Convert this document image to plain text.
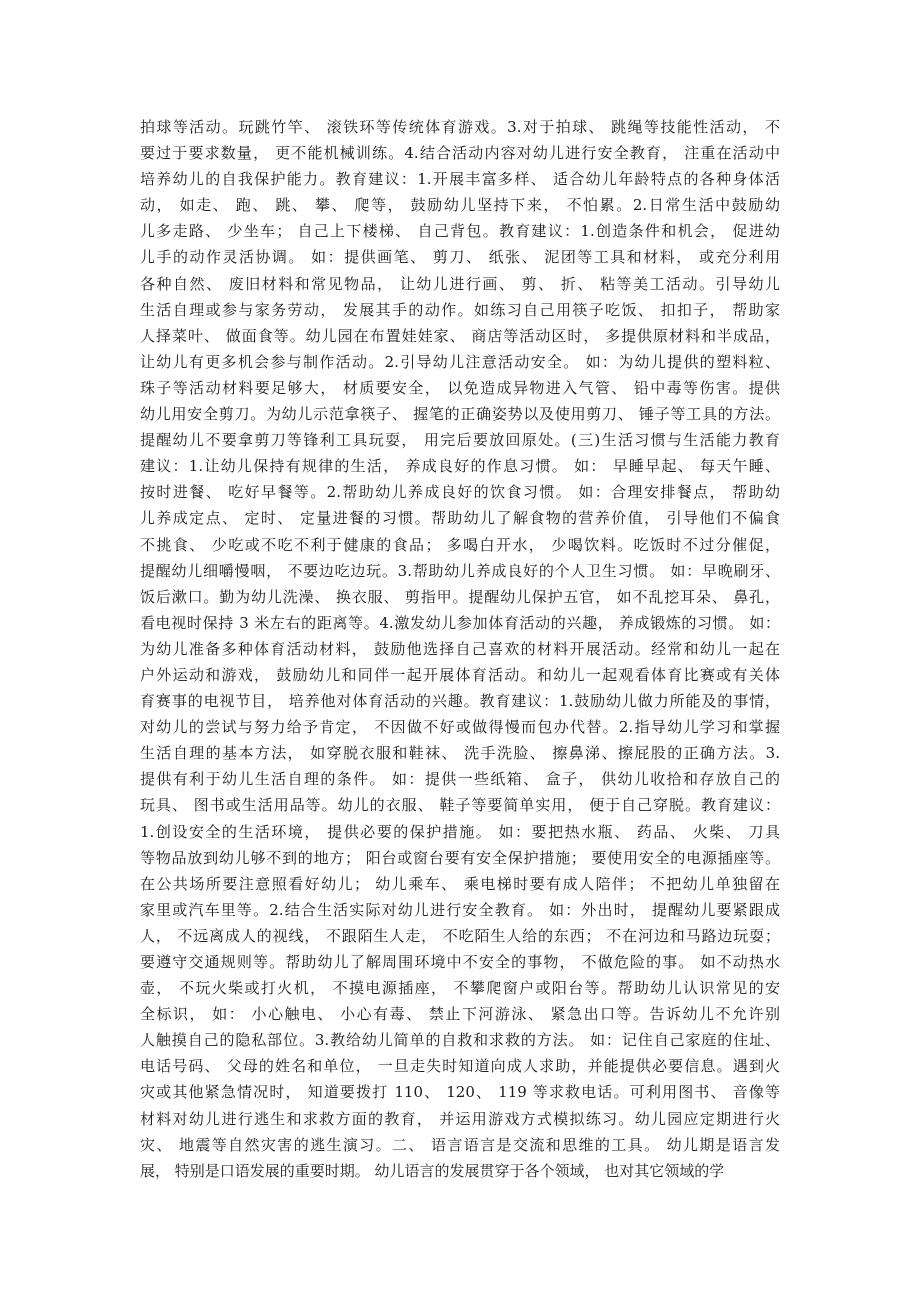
拍球等活动。玩跳竹竿、 滚铁环等传统体育游戏。3.对于拍球、 跳绳等技能性活动， 不
要过于要求数量， 更不能机械训练。4.结合活动内容对幼儿进行安全教育， 注重在活动中
培养幼儿的自我保护能力。教育建议：1.开展丰富多样、 适合幼儿年龄特点的各种身体活
动， 如走、 跑、 跳、 攀、 爬等， 鼓励幼儿坚持下来， 不怕累。2.日常生活中鼓励幼
儿多走路、 少坐车； 自己上下楼梯、 自己背包。教育建议：1.创造条件和机会， 促进幼
儿手的动作灵活协调。 如：提供画笔、 剪刀、 纸张、 泥团等工具和材料， 或充分利用
各种自然、 废旧材料和常见物品， 让幼儿进行画、 剪、 折、 粘等美工活动。引导幼儿
生活自理或参与家务劳动， 发展其手的动作。如练习自己用筷子吃饭、 扣扣子， 帮助家
人择菜叶、 做面食等。幼儿园在布置娃娃家、 商店等活动区时， 多提供原材料和半成品，
让幼儿有更多机会参与制作活动。2.引导幼儿注意活动安全。 如：为幼儿提供的塑料粒、
珠子等活动材料要足够大， 材质要安全， 以免造成异物进入气管、 铅中毒等伤害。提供
幼儿用安全剪刀。为幼儿示范拿筷子、 握笔的正确姿势以及使用剪刀、 锤子等工具的方法。
提醒幼儿不要拿剪刀等锋利工具玩耍， 用完后要放回原处。(三)生活习惯与生活能力教育
建议：1.让幼儿保持有规律的生活， 养成良好的作息习惯。 如： 早睡早起、 每天午睡、
按时进餐、 吃好早餐等。2.帮助幼儿养成良好的饮食习惯。 如：合理安排餐点， 帮助幼
儿养成定点、 定时、 定量进餐的习惯。帮助幼儿了解食物的营养价值， 引导他们不偏食
不挑食、 少吃或不吃不利于健康的食品； 多喝白开水， 少喝饮料。吃饭时不过分催促，
提醒幼儿细嚼慢咽， 不要边吃边玩。3.帮助幼儿养成良好的个人卫生习惯。 如：早晚刷牙、
饭后漱口。勤为幼儿洗澡、 换衣服、 剪指甲。提醒幼儿保护五官， 如不乱挖耳朵、 鼻孔，
看电视时保持 3 米左右的距离等。4.激发幼儿参加体育活动的兴趣， 养成锻炼的习惯。 如：
为幼儿准备多种体育活动材料， 鼓励他选择自己喜欢的材料开展活动。经常和幼儿一起在
户外运动和游戏， 鼓励幼儿和同伴一起开展体育活动。和幼儿一起观看体育比赛或有关体
育赛事的电视节目， 培养他对体育活动的兴趣。教育建议：1.鼓励幼儿做力所能及的事情，
对幼儿的尝试与努力给予肯定， 不因做不好或做得慢而包办代替。2.指导幼儿学习和掌握
生活自理的基本方法， 如穿脱衣服和鞋袜、 洗手洗脸、 擦鼻涕、擦屁股的正确方法。3.
提供有利于幼儿生活自理的条件。 如：提供一些纸箱、 盒子， 供幼儿收拾和存放自己的
玩具、 图书或生活用品等。幼儿的衣服、 鞋子等要简单实用， 便于自己穿脱。教育建议：
1.创设安全的生活环境， 提供必要的保护措施。 如：要把热水瓶、 药品、 火柴、 刀具
等物品放到幼儿够不到的地方； 阳台或窗台要有安全保护措施； 要使用安全的电源插座等。
在公共场所要注意照看好幼儿； 幼儿乘车、 乘电梯时要有成人陪伴； 不把幼儿单独留在
家里或汽车里等。2.结合生活实际对幼儿进行安全教育。 如：外出时， 提醒幼儿要紧跟成
人， 不远离成人的视线， 不跟陌生人走， 不吃陌生人给的东西； 不在河边和马路边玩耍；
要遵守交通规则等。帮助幼儿了解周围环境中不安全的事物， 不做危险的事。 如不动热水
壶， 不玩火柴或打火机， 不摸电源插座， 不攀爬窗户或阳台等。帮助幼儿认识常见的安
全标识， 如： 小心触电、 小心有毒、 禁止下河游泳、 紧急出口等。告诉幼儿不允许别
人触摸自己的隐私部位。3.教给幼儿简单的自救和求救的方法。 如：记住自己家庭的住址、
电话号码、 父母的姓名和单位， 一旦走失时知道向成人求助，并能提供必要信息。遇到火
灾或其他紧急情况时， 知道要拨打 110、 120、 119 等求救电话。可利用图书、 音像等
材料对幼儿进行逃生和求救方面的教育， 并运用游戏方式模拟练习。幼儿园应定期进行火
灾、 地震等自然灾害的逃生演习。二、 语言语言是交流和思维的工具。 幼儿期是语言发
展， 特别是口语发展的重要时期。 幼儿语言的发展贯穿于各个领域， 也对其它领域的学
